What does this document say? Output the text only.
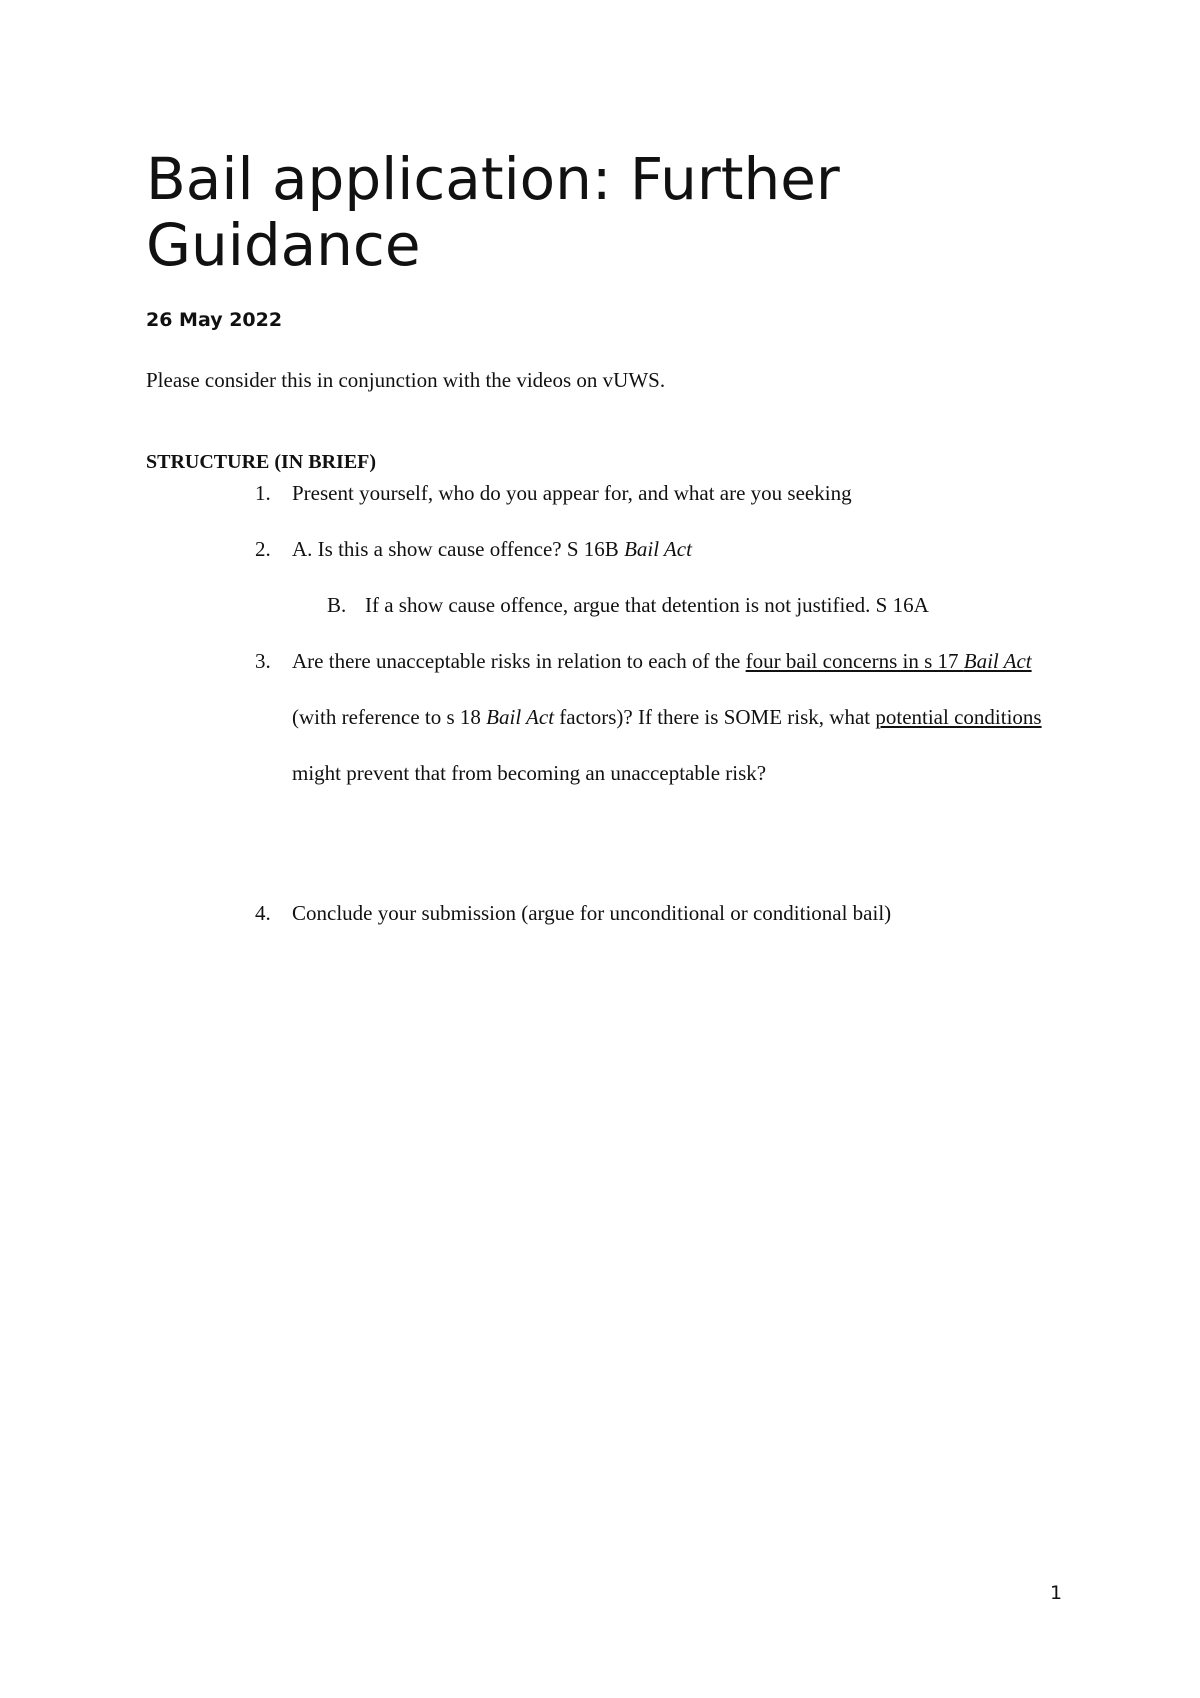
Bail application: Further Guidance

26 May 2022

Please consider this in conjunction with the videos on vUWS.

STRUCTURE (IN BRIEF)

1.	Present yourself, who do you appear for, and what are you seeking
2.	A. Is this a show cause offence? S 16B Bail Act
B. If a show cause offence, argue that detention is not justified. S 16A
3.	Are there unacceptable risks in relation to each of the four bail concerns in s 17 Bail Act (with reference to s 18 Bail Act factors)? If there is SOME risk, what potential conditions might prevent that from becoming an unacceptable risk?
4.	Conclude your submission (argue for unconditional or conditional bail)
1
